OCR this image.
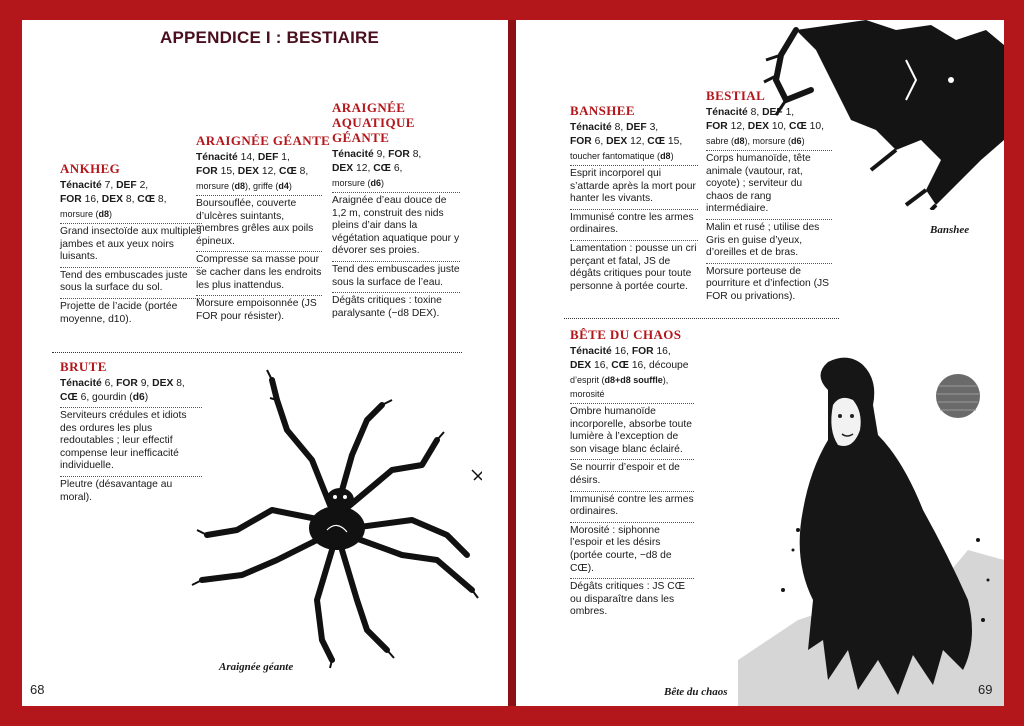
APPENDICE I : BESTIAIRE
ANKHEG
Ténacité 7, DEF 2,
FOR 16, DEX 8, CŒ 8,
morsure (d8)
Grand insectoïde aux multiples jambes et aux yeux noirs luisants.
Tend des embuscades juste sous la surface du sol.
Projette de l’acide (portée moyenne, d10).
ARAIGNÉE GÉANTE
Ténacité 14, DEF 1,
FOR 15, DEX 12, CŒ 8,
morsure (d8), griffe (d4)
Boursouflée, couverte d’ulcères suintants, membres grêles aux poils épineux.
Compresse sa masse pour se cacher dans les endroits les plus inattendus.
Morsure empoisonnée (JS FOR pour résister).
ARAIGNÉE
AQUATIQUE
GÉANTE
Ténacité 9, FOR 8,
DEX 12, CŒ 6,
morsure (d6)
Araignée d’eau douce de 1,2 m, construit des nids pleins d’air dans la végétation aquatique pour y dévorer ses proies.
Tend des embuscades juste sous la surface de l’eau.
Dégâts critiques : toxine paralysante (−d8 DEX).
BRUTE
Ténacité 6, FOR 9, DEX 8,
CŒ 6, gourdin (d6)
Serviteurs crédules et idiots des ordures les plus redoutables ; leur effectif compense leur inefficacité individuelle.
Pleutre (désavantage au moral).
Araignée géante
68
Banshee
BANSHEE
Ténacité 8, DEF 3,
FOR 6, DEX 12, CŒ 15,
toucher fantomatique (d8)
Esprit incorporel qui s’attarde après la mort pour hanter les vivants.
Immunisé contre les armes ordinaires.
Lamentation : pousse un cri perçant et fatal, JS de dégâts critiques pour toute personne à portée courte.
BESTIAL
Ténacité 8, DEF 1,
FOR 12, DEX 10, CŒ 10,
sabre (d8), morsure (d6)
Corps humanoïde, tête animale (vautour, rat, coyote) ; serviteur du chaos de rang intermédiaire.
Malin et rusé ; utilise des Gris en guise d’yeux, d’oreilles et de bras.
Morsure porteuse de pourriture et d’infection (JS FOR ou privations).
BÊTE DU CHAOS
Ténacité 16, FOR 16,
DEX 16, CŒ 16, découpe
d’esprit (d8+d8 souffle),
morosité
Ombre humanoïde incorporelle, absorbe toute lumière à l’exception de son visage blanc éclairé.
Se nourrir d’espoir et de désirs.
Immunisé contre les armes ordinaires.
Morosité : siphonne l’espoir et les désirs (portée courte, −d8 de CŒ).
Dégâts critiques : JS CŒ ou disparaître dans les ombres.
Bête du chaos	69
